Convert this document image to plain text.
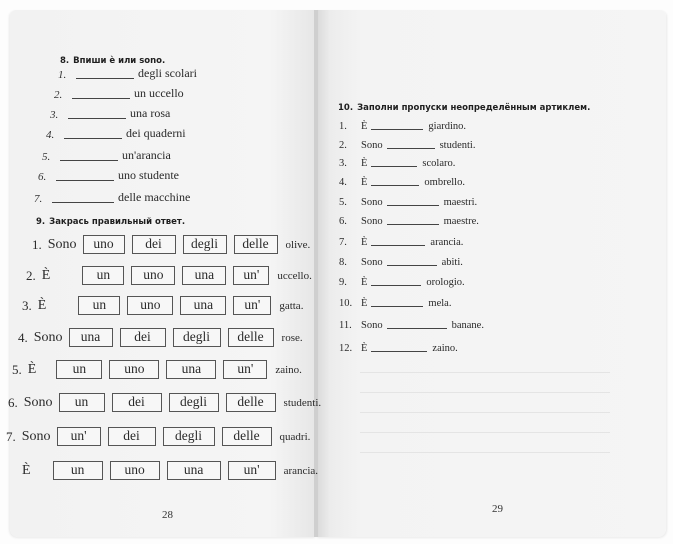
8. Впиши è или sono.
1.	degli scolari
2.	un uccello
3.	una rosa
4.	dei quaderni
5.	un'arancia
6.	uno studente
7.	delle macchine
9. Закрась правильный ответ.
1. Sono	uno	dei	degli	delle	olive.
2. È	un	uno	una	un'	uccello.
3. È	un	uno	una	un'	gatta.
4. Sono	una	dei	degli	delle	rose.
5. È	un	uno	una	un'	zaino.
6. Sono	un	dei	degli	delle	studenti.
7. Sono	un'	dei	degli	delle	quadri.
È	un	uno	una	un'	arancia.
28
10. Заполни пропуски неопределённым артиклем.
1.	È	giardino.
2.	Sono	studenti.
3.	È	scolaro.
4.	È	ombrello.
5.	Sono	maestri.
6.	Sono	maestre.
7.	È	arancia.
8.	Sono	abiti.
9.	È	orologio.
10. È	mela.
11. Sono	banane.
12. È	zaino.
29
